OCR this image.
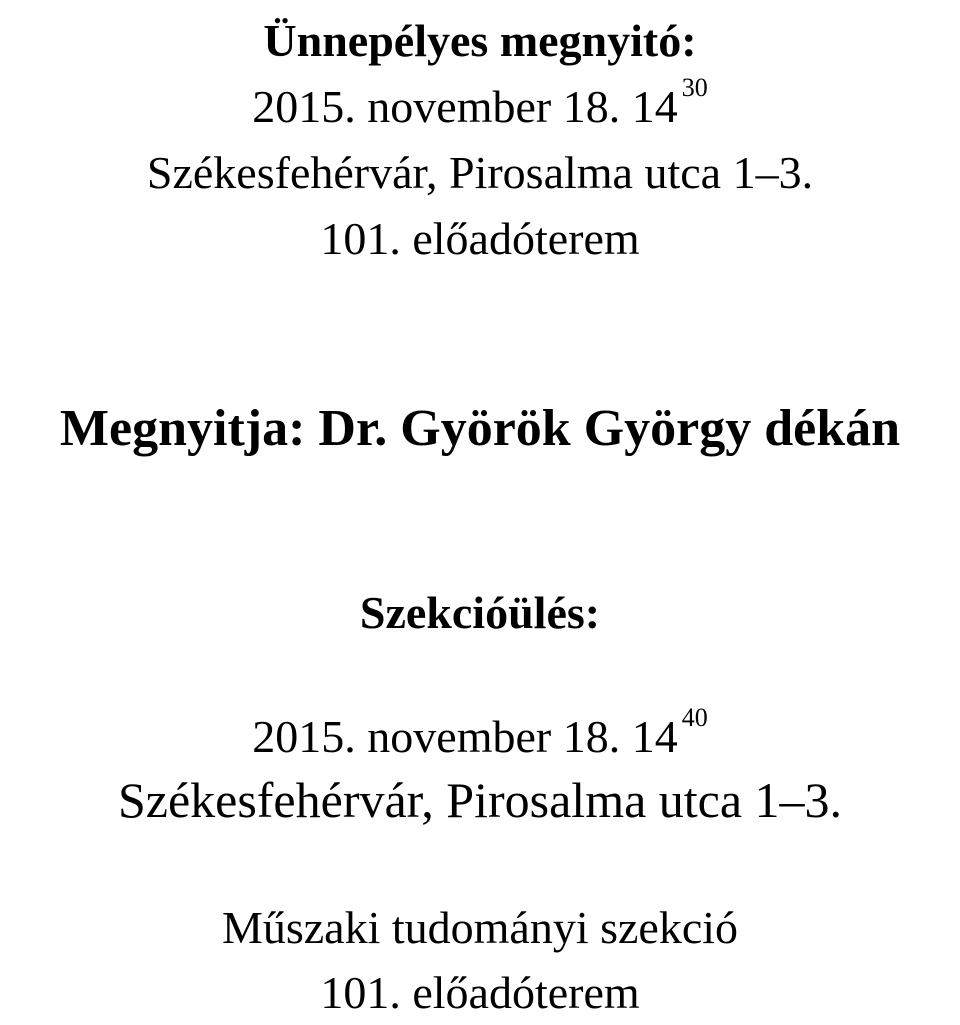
Ünnepélyes megnyitó:
2015. november 18. 14 $^{30}$
Székesfehérvár, Pirosalma utca 1–3.
101. előadóterem
Megnyitja: Dr. Györök György dékán
Szekcióülés:
2015. november 18. 14 $^{40}$
Székesfehérvár, Pirosalma utca 1–3.
Műszaki tudományi szekció
101. előadóterem
